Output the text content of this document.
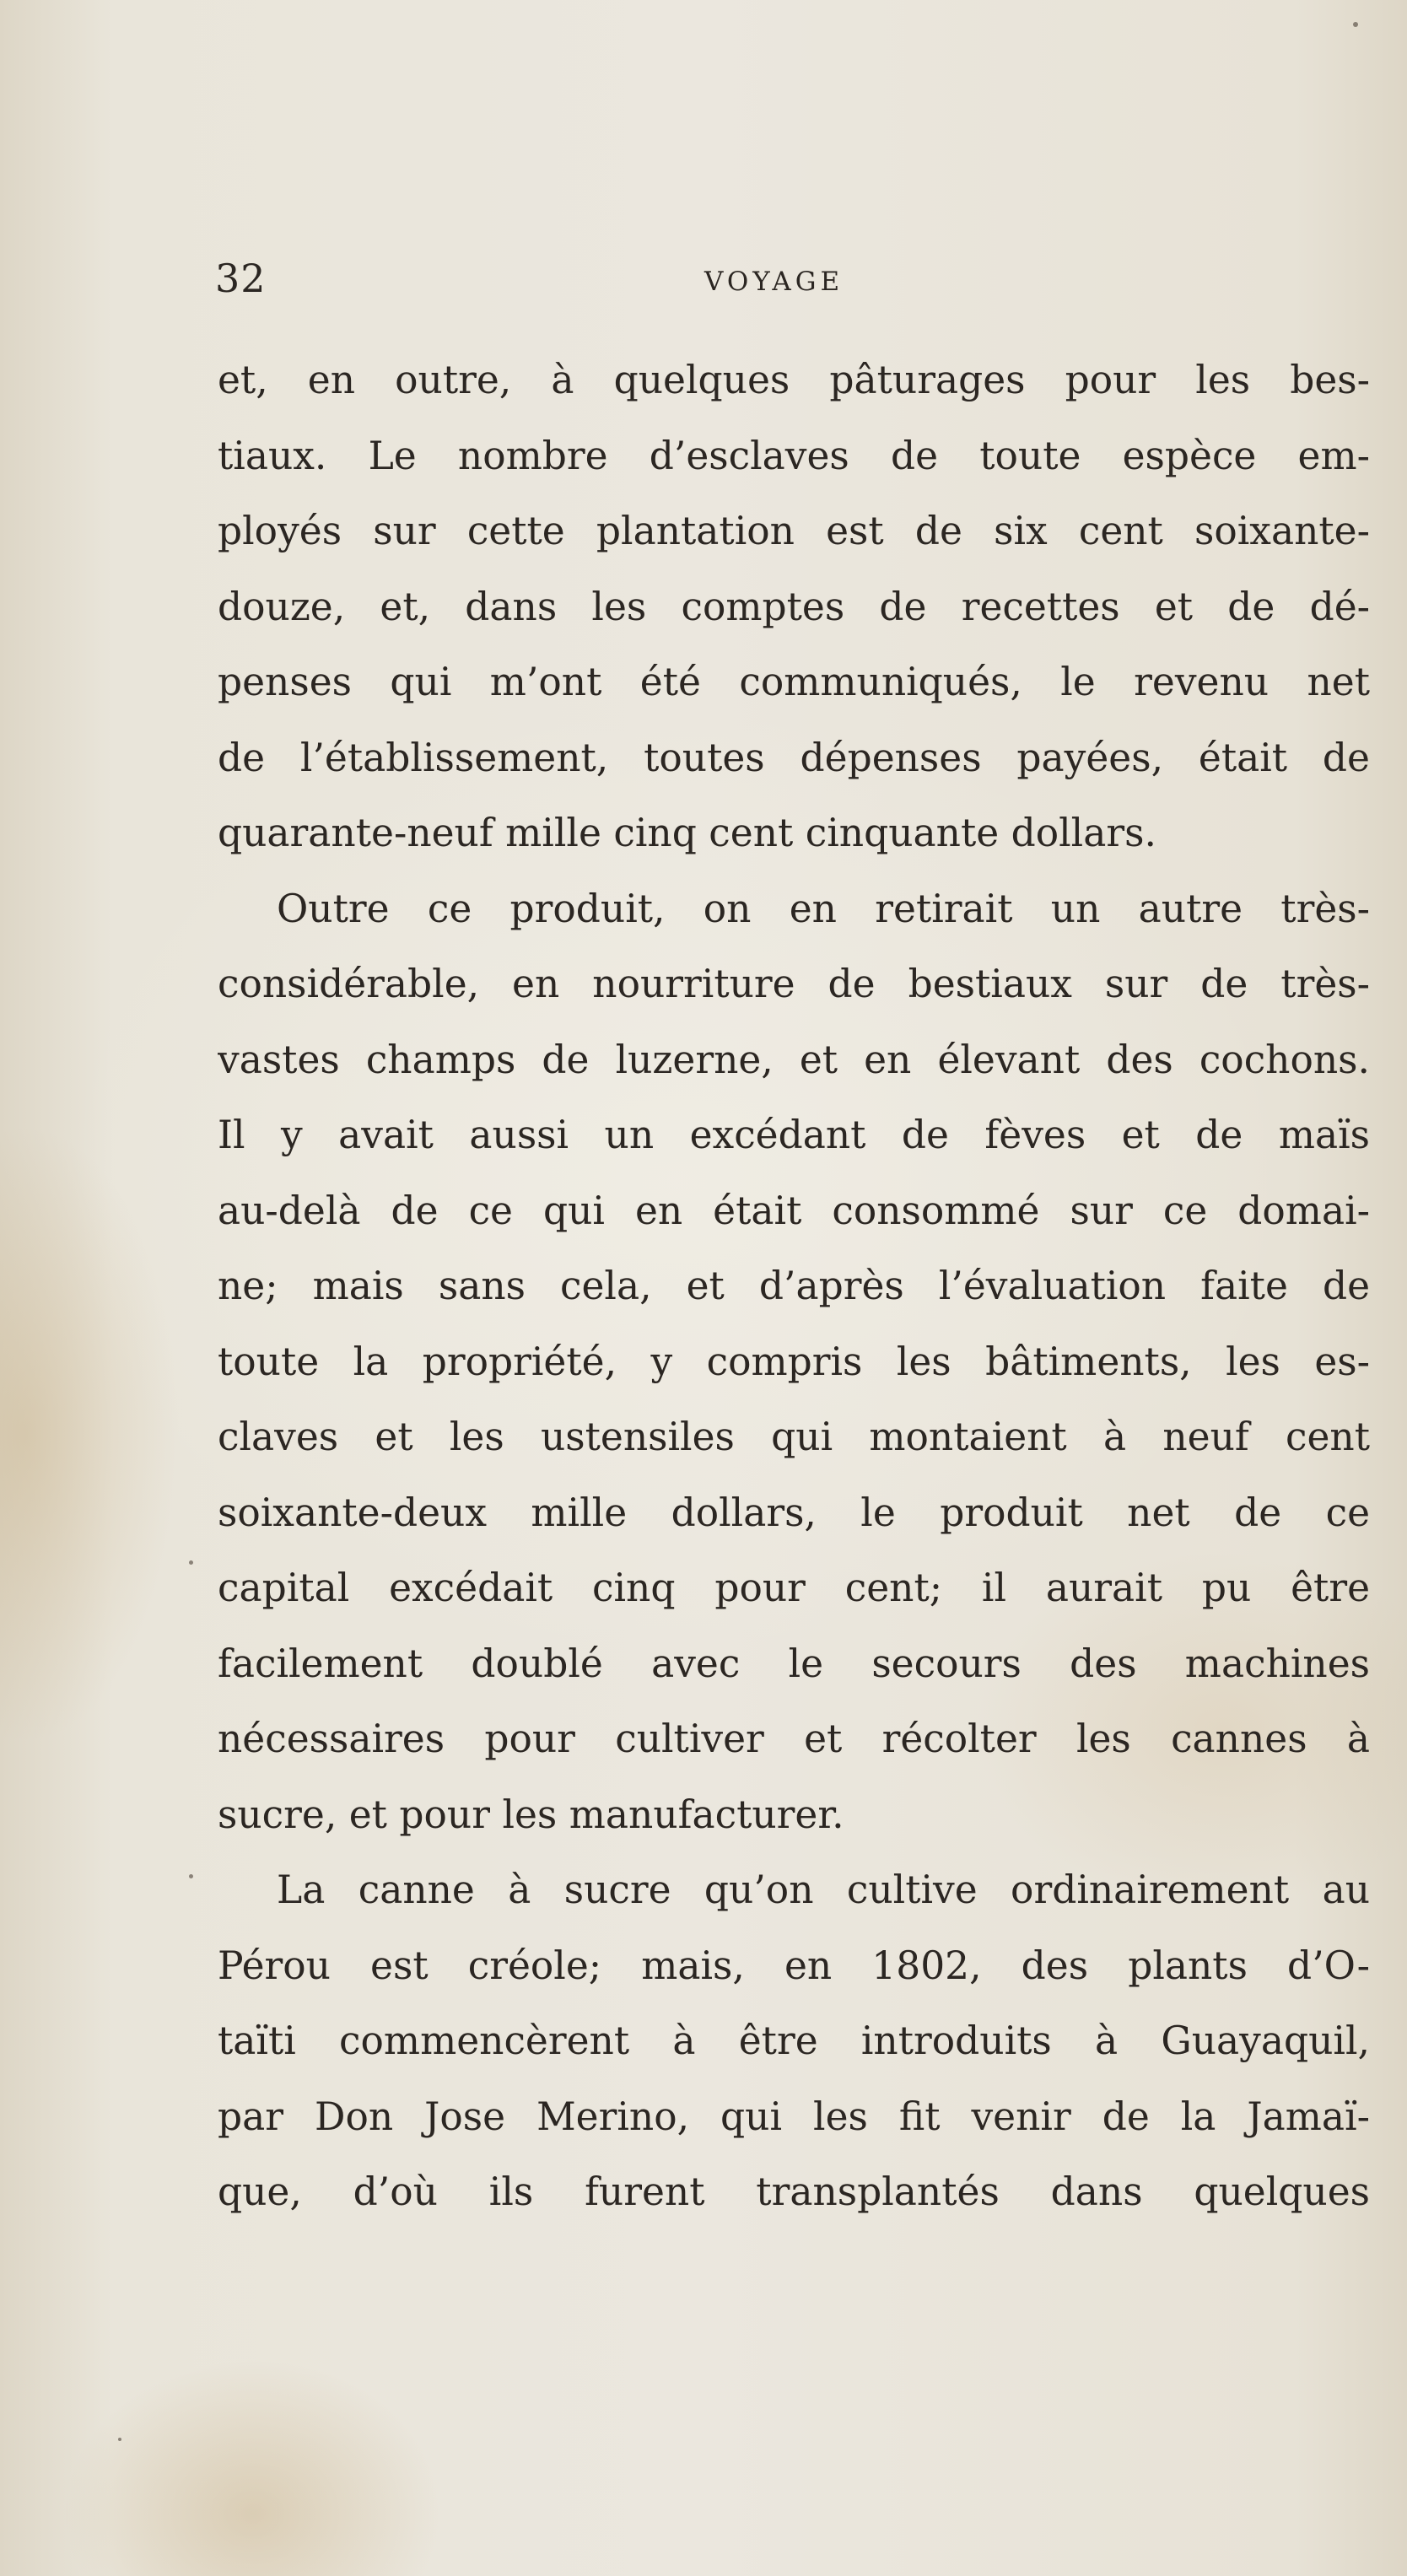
32	VOYAGE
et, en outre, à quelques pâturages pour les bes-
tiaux. Le nombre d’esclaves de toute espèce em-
ployés sur cette plantation est de six cent soixante-
douze, et, dans les comptes de recettes et de dé-
penses qui m’ont été communiqués, le revenu net
de l’établissement, toutes dépenses payées, était de
quarante-neuf mille cinq cent cinquante dollars.
Outre ce produit, on en retirait un autre très-
considérable, en nourriture de bestiaux sur de très-
vastes champs de luzerne, et en élevant des cochons.
Il y avait aussi un excédant de fèves et de maïs
au-delà de ce qui en était consommé sur ce domai-
ne; mais sans cela, et d’après l’évaluation faite de
toute la propriété, y compris les bâtiments, les es-
claves et les ustensiles qui montaient à neuf cent
soixante-deux mille dollars, le produit net de ce
capital excédait cinq pour cent; il aurait pu être
facilement doublé avec le secours des machines
nécessaires pour cultiver et récolter les cannes à
sucre, et pour les manufacturer.
La canne à sucre qu’on cultive ordinairement au
Pérou est créole; mais, en 1802, des plants d’O-
taïti commencèrent à être introduits à Guayaquil,
par Don Jose Merino, qui les fit venir de la Jamaï-
que, d’où ils furent transplantés dans quelques
